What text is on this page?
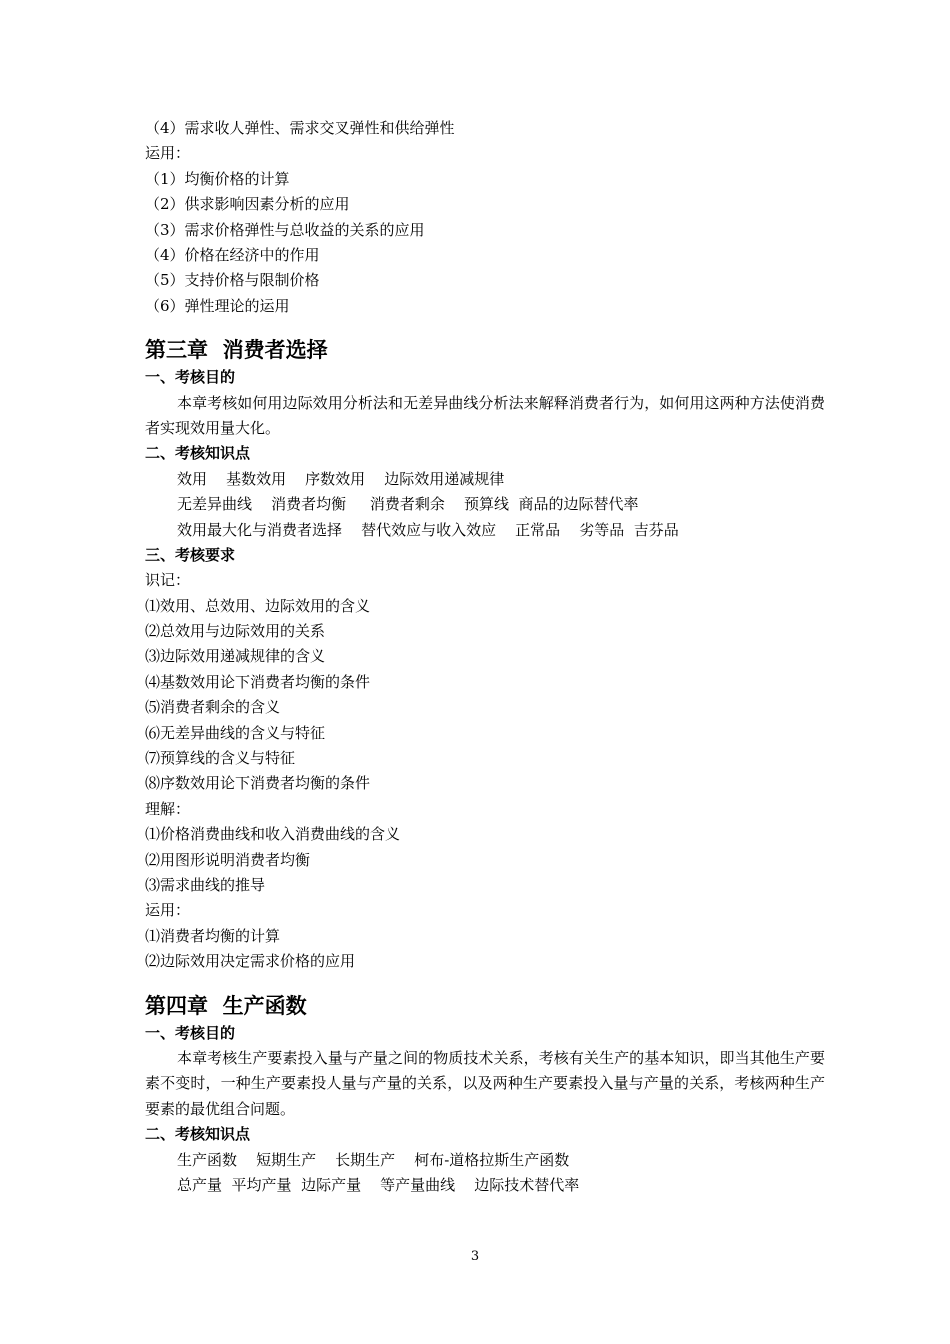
（4）需求收人弹性、需求交叉弹性和供给弹性
运用：
（1）均衡价格的计算
（2）供求影响因素分析的应用
（3）需求价格弹性与总收益的关系的应用
（4）价格在经济中的作用
（5）支持价格与限制价格
（6）弹性理论的运用
第三章  消费者选择
一、考核目的
本章考核如何用边际效用分析法和无差异曲线分析法来解释消费者行为，如何用这两种方法使消费者实现效用量大化。
二、考核知识点
效用    基数效用    序数效用    边际效用递减规律
无差异曲线    消费者均衡     消费者剩余    预算线  商品的边际替代率
效用最大化与消费者选择    替代效应与收入效应    正常品    劣等品  吉芬品
三、考核要求
识记：
⑴效用、总效用、边际效用的含义
⑵总效用与边际效用的关系
⑶边际效用递减规律的含义
⑷基数效用论下消费者均衡的条件
⑸消费者剩余的含义
⑹无差异曲线的含义与特征
⑺预算线的含义与特征
⑻序数效用论下消费者均衡的条件
理解：
⑴价格消费曲线和收入消费曲线的含义
⑵用图形说明消费者均衡
⑶需求曲线的推导
运用：
⑴消费者均衡的计算
⑵边际效用决定需求价格的应用
第四章  生产函数
一、考核目的
本章考核生产要素投入量与产量之间的物质技术关系，考核有关生产的基本知识，即当其他生产要素不变时，一种生产要素投人量与产量的关系，以及两种生产要素投入量与产量的关系，考核两种生产要素的最优组合问题。
二、考核知识点
生产函数    短期生产    长期生产    柯布-道格拉斯生产函数
总产量  平均产量  边际产量    等产量曲线    边际技术替代率
3
